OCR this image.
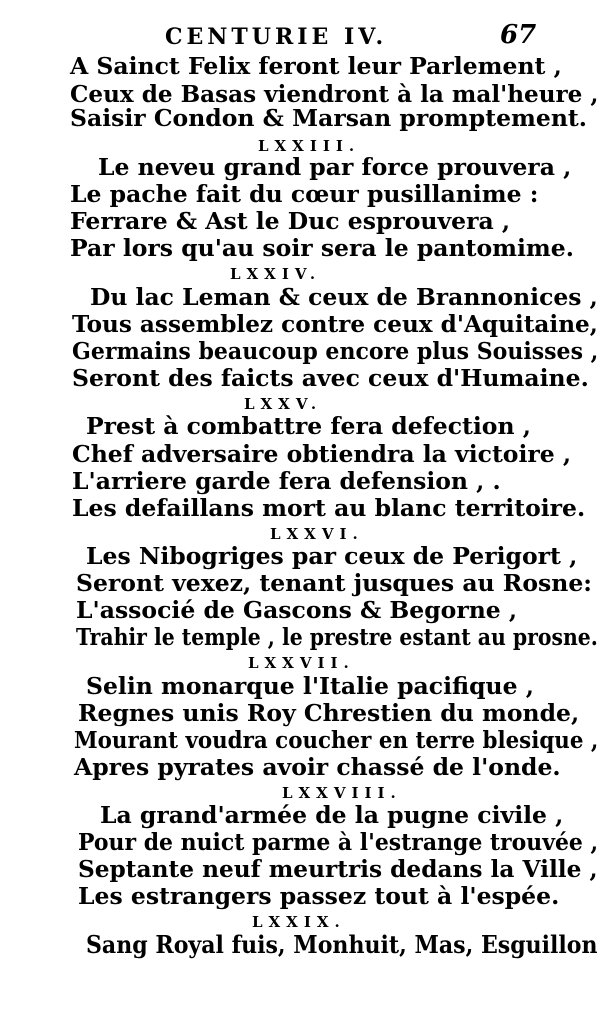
CENTURIE IV.	67
A Sainct Felix feront leur Parlement ,
Ceux de Basas viendront à la mal'heure ,
Saisir Condon & Marsan promptement.
LXXIII.
Le neveu grand par force prouvera ,
Le pache fait du cœur pusillanime :
Ferrare & Ast le Duc esprouvera ,
Par lors qu'au soir sera le pantomime.
LXXIV.
Du lac Leman & ceux de Brannonices ,
Tous assemblez contre ceux d'Aquitaine,
Germains beaucoup encore plus Souisses ,
Seront des faicts avec ceux d'Humaine.
LXXV.
Prest à combattre fera defection ,
Chef adversaire obtiendra la victoire ,
L'arriere garde fera defension , .
Les defaillans mort au blanc territoire.
LXXVI.
Les Nibogriges par ceux de Perigort ,
Seront vexez, tenant jusques au Rosne:
L'associé de Gascons & Begorne ,
Trahir le temple , le prestre estant au prosne.
LXXVII.
Selin monarque l'Italie pacifique ,
Regnes unis Roy Chrestien du monde,
Mourant voudra coucher en terre blesique ,
Apres pyrates avoir chassé de l'onde.
LXXVIII.
La grand'armée de la pugne civile ,
Pour de nuict parme à l'estrange trouvée ,
Septante neuf meurtris dedans la Ville ,
Les estrangers passez tout à l'espée.
LXXIX.
Sang Royal fuis, Monhuit, Mas, Esguillon
